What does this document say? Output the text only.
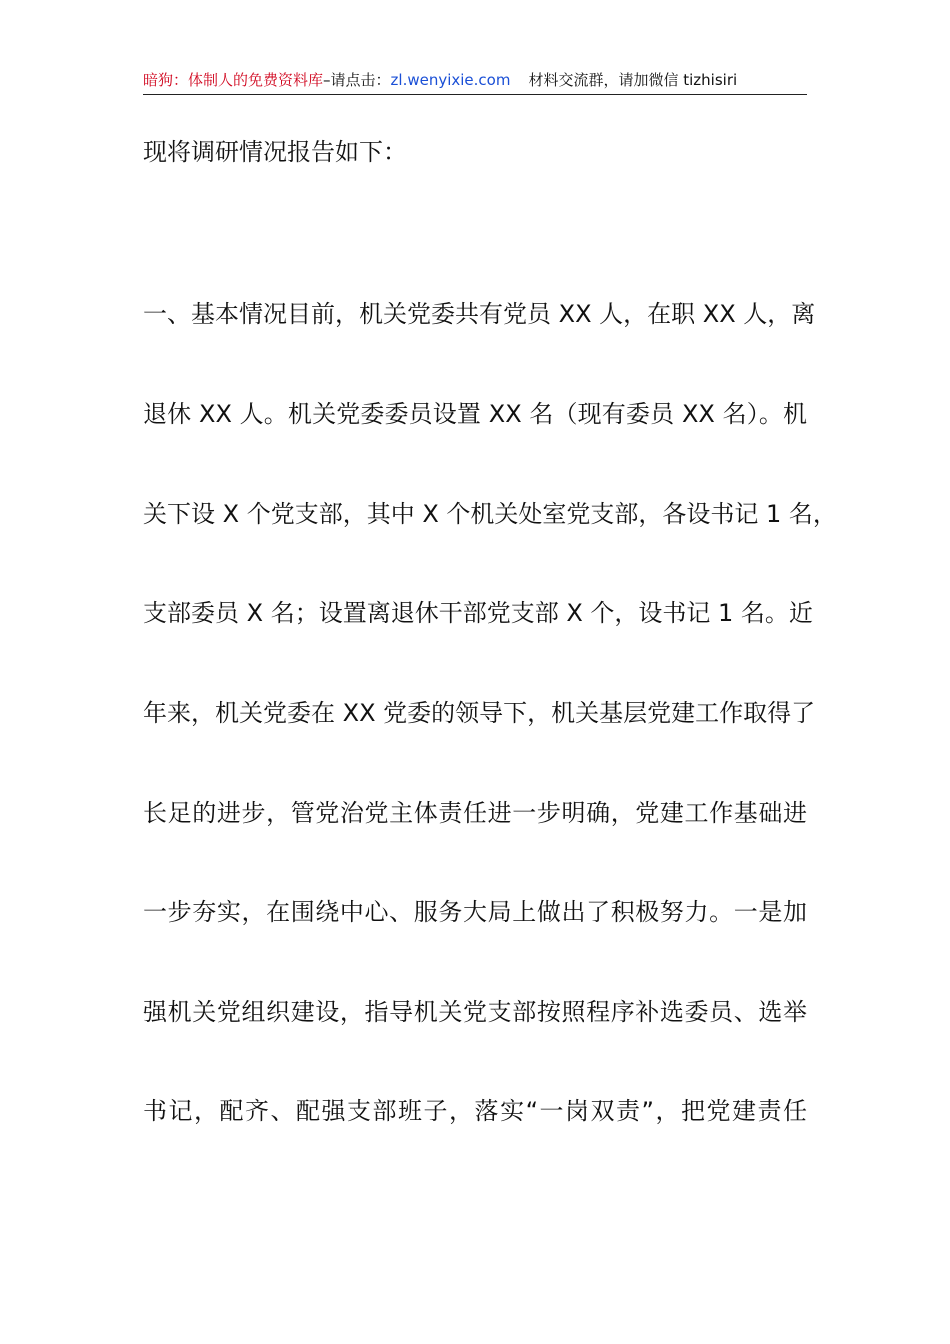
暗狗：体制人的免费资料库–请点击：zl.wenyixie.com 材料交流群，请加微信 tizhisiri
现将调研情况报告如下：
一、基本情况目前，机关党委共有党员 XX 人，在职 XX 人，离
退休 XX 人。机关党委委员设置 XX 名（现有委员 XX 名）。机
关下设 X 个党支部，其中 X 个机关处室党支部，各设书记 1 名，
支部委员 X 名；设置离退休干部党支部 X 个，设书记 1 名。近
年来，机关党委在 XX 党委的领导下，机关基层党建工作取得了
长足的进步，管党治党主体责任进一步明确，党建工作基础进
一步夯实，在围绕中心、服务大局上做出了积极努力。一是加
强机关党组织建设，指导机关党支部按照程序补选委员、选举
书记，配齐、配强支部班子，落实“一岗双责”，把党建责任
